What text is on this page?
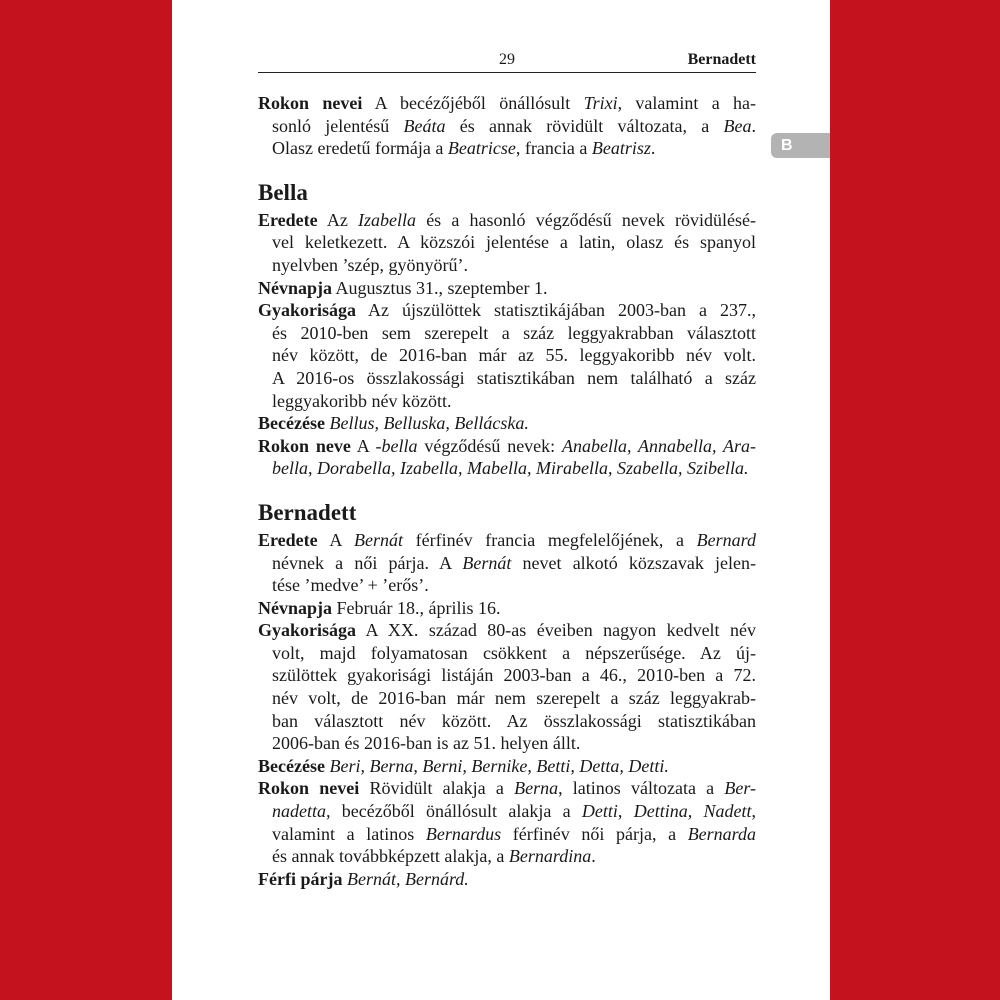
29	Bernadett
B
Rokon nevei A becézőjéből önállósult Trixi, valamint a ha-
sonló jelentésű Beáta és annak rövidült változata, a Bea.
Olasz eredetű formája a Beatricse, francia a Beatrisz.
Bella
Eredete Az Izabella és a hasonló végződésű nevek rövidülésé-
vel keletkezett. A közszói jelentése a latin, olasz és spanyol
nyelvben ’szép, gyönyörű’.
Névnapja Augusztus 31., szeptember 1.
Gyakorisága Az újszülöttek statisztikájában 2003-ban a 237.,
és 2010-ben sem szerepelt a száz leggyakrabban választott
név között, de 2016-ban már az 55. leggyakoribb név volt.
A 2016-os összlakossági statisztikában nem található a száz
leggyakoribb név között.
Becézése Bellus, Belluska, Bellácska.
Rokon neve A -bella végződésű nevek: Anabella, Annabella, Ara-
bella, Dorabella, Izabella, Mabella, Mirabella, Szabella, Szibella.
Bernadett
Eredete A Bernát férfinév francia megfelelőjének, a Bernard
névnek a női párja. A Bernát nevet alkotó közszavak jelen-
tése ’medve’ + ’erős’.
Névnapja Február 18., április 16.
Gyakorisága A XX. század 80-as éveiben nagyon kedvelt név
volt, majd folyamatosan csökkent a népszerűsége. Az új-
szülöttek gyakorisági listáján 2003-ban a 46., 2010-ben a 72.
név volt, de 2016-ban már nem szerepelt a száz leggyakrab-
ban választott név között. Az összlakossági statisztikában
2006-ban és 2016-ban is az 51. helyen állt.
Becézése Beri, Berna, Berni, Bernike, Betti, Detta, Detti.
Rokon nevei Rövidült alakja a Berna, latinos változata a Ber-
nadetta, becézőből önállósult alakja a Detti, Dettina, Nadett,
valamint a latinos Bernardus férfinév női párja, a Bernarda
és annak továbbképzett alakja, a Bernardina.
Férfi párja Bernát, Bernárd.
